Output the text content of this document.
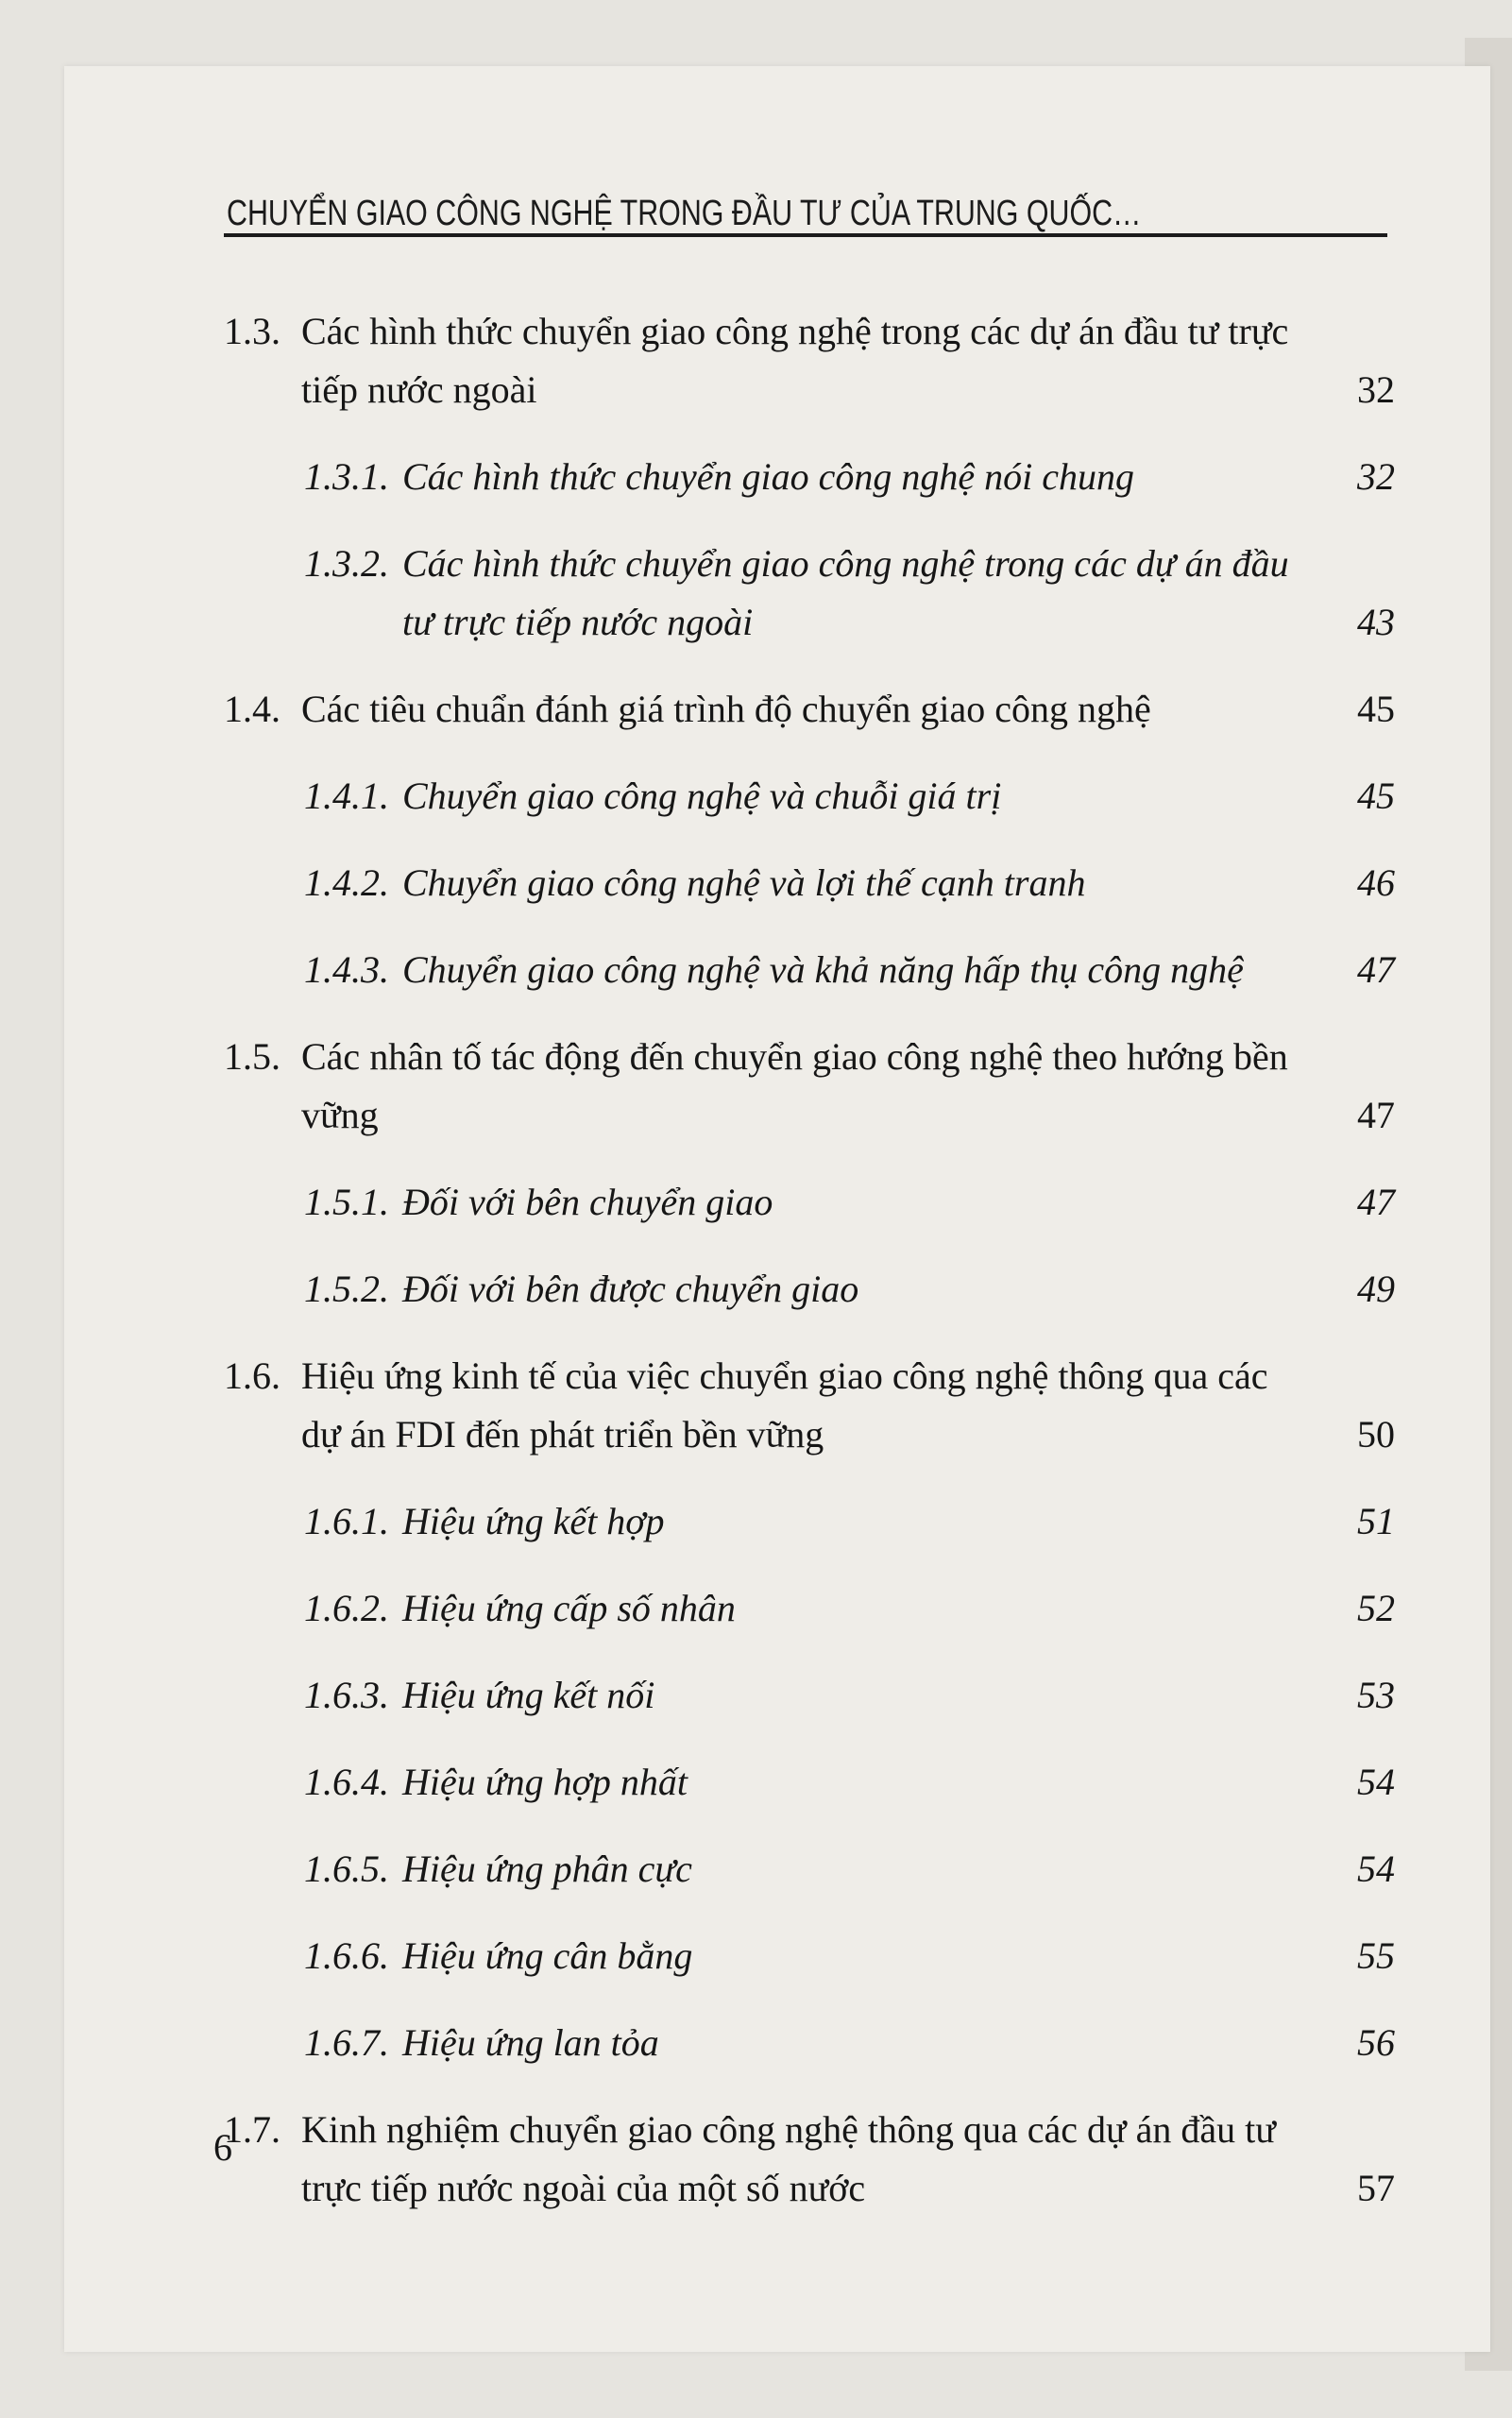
CHUYỂN GIAO CÔNG NGHỆ TRONG ĐẦU TƯ CỦA TRUNG QUỐC…
1.3. Các hình thức chuyển giao công nghệ trong các dự án đầu tư trực tiếp nước ngoài	32
1.3.1. Các hình thức chuyển giao công nghệ nói chung	32
1.3.2. Các hình thức chuyển giao công nghệ trong các dự án đầu tư trực tiếp nước ngoài	43
1.4. Các tiêu chuẩn đánh giá trình độ chuyển giao công nghệ	45
1.4.1. Chuyển giao công nghệ và chuỗi giá trị	45
1.4.2. Chuyển giao công nghệ và lợi thế cạnh tranh	46
1.4.3. Chuyển giao công nghệ và khả năng hấp thụ công nghệ	47
1.5. Các nhân tố tác động đến chuyển giao công nghệ theo hướng bền vững	47
1.5.1. Đối với bên chuyển giao	47
1.5.2. Đối với bên được chuyển giao	49
1.6. Hiệu ứng kinh tế của việc chuyển giao công nghệ thông qua các dự án FDI đến phát triển bền vững	50
1.6.1. Hiệu ứng kết hợp	51
1.6.2. Hiệu ứng cấp số nhân	52
1.6.3. Hiệu ứng kết nối	53
1.6.4. Hiệu ứng hợp nhất	54
1.6.5. Hiệu ứng phân cực	54
1.6.6. Hiệu ứng cân bằng	55
1.6.7. Hiệu ứng lan tỏa	56
1.7. Kinh nghiệm chuyển giao công nghệ thông qua các dự án đầu tư trực tiếp nước ngoài của một số nước	57
6
